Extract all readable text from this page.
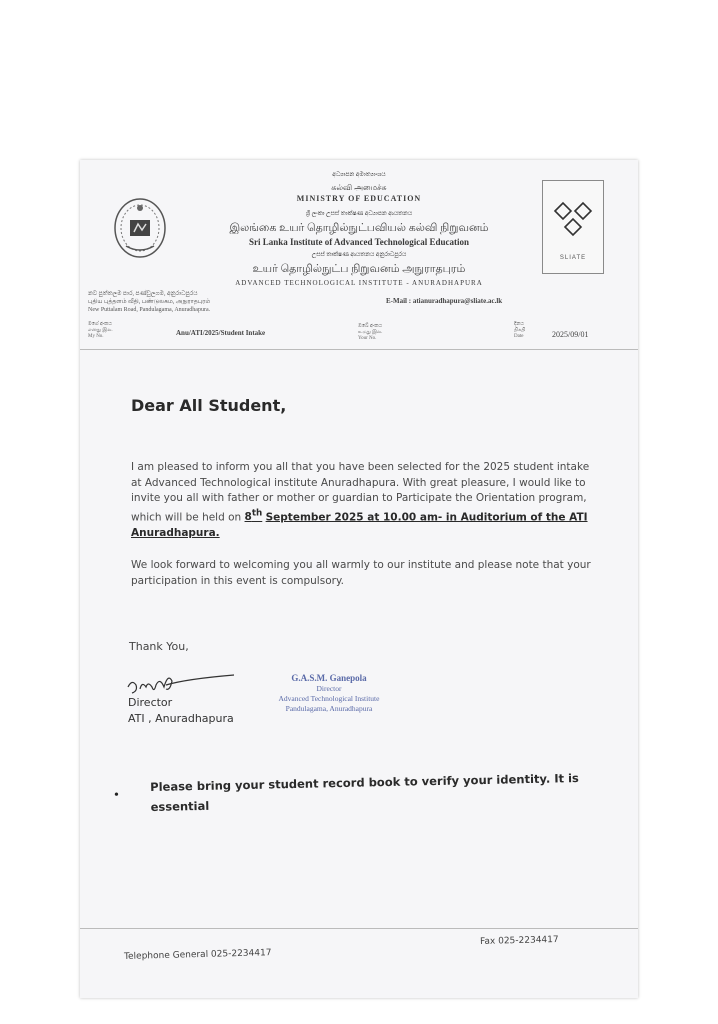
SLIATE
අධ්‍යාපන අමාත්‍යාංශය
கல்வி அமைச்சு
MINISTRY OF EDUCATION
ශ්‍රී ලංකා උසස් තාක්ෂණ අධ්‍යාපන ආයතනය
இலங்கை உயர் தொழில்நுட்பவியல் கல்வி நிறுவனம்
Sri Lanka Institute of Advanced Technological Education
උසස් තාක්ෂණ ආයතනය අනුරාධපුරය
உயர் தொழில்நுட்ப நிறுவனம் அநுராதபுரம்
ADVANCED TECHNOLOGICAL INSTITUTE - ANURADHAPURA
නව පුත්තලම පාර, පණ්ඩුලගම, අනුරාධපුරය
புதிய புத்தளம் வீதி, பண்டுலகம, அநுராதபுரம்
New Puttalam Road, Pandulagama, Anuradhapura.
E-Mail : atianuradhapura@sliate.ac.lk
මගේ අංකය
எனது இல.
My No.	Anu/ATI/2025/Student Intake
ඔබේ අංකය
உமது இல.
Your No.
දිනය
திகதி
Date	2025/09/01
Dear All Student,
I am pleased to inform you all that you have been selected for the 2025 student intake at Advanced Technological institute Anuradhapura. With great pleasure, I would like to invite you all with father or mother or guardian to Participate the Orientation program, which will be held on 8th September 2025 at 10.00 am- in Auditorium of the ATI Anuradhapura.
We look forward to welcoming you all warmly to our institute and please note that your participation in this event is compulsory.
Thank You,
Director
ATI , Anuradhapura
G.A.S.M. Ganepola
Director
Advanced Technological Institute
Pandulagama, Anuradhapura
•
Please bring your student record book to verify your identity. It is essential
Telephone General 025-2234417
Fax 025-2234417
